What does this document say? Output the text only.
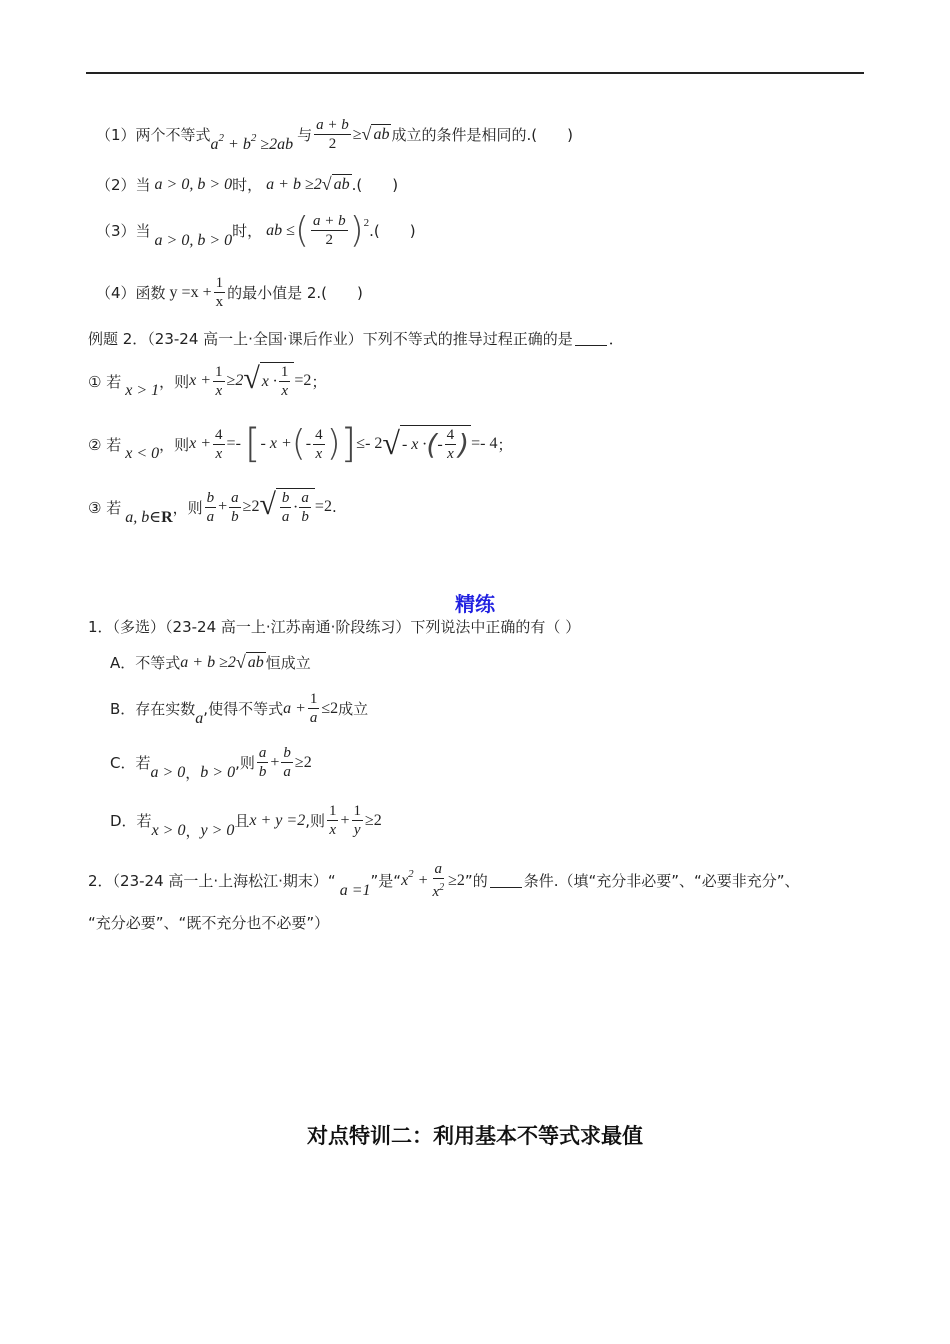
（1）两个不等式 $a^2 + b^2 \ge 2ab$ 与 $\frac{a + b}{2}$ ≥ √ ab 成立的条件是相同的.( )
（2）当 a > 0, b > 0 时， a + b ≥2 √ ab .( )
（3）当 a > 0, b > 0 时， ab ≤ ( $\frac{a + b}{2}$ ) 2 .( )
（4）函数 $y =x + \frac{1}{x}$ 的最小值是 2.( )
例题 2．（23-24 高一上·全国·课后作业）下列不等式的推导过程正确的是 ．
① 若 x > 1 ，则 $x + \frac{1}{x} \ge 2$ √ $x \cdot \frac{1}{x} =2$ ；
② 若 x < 0 ，则 $x + \frac{4}{x}$ =- [ - x + ( - $\frac{4}{x}$ ) ] ≤- 2 √ - x · ( - $\frac{4}{x}$ ) =- 4 ；
③ 若
a, b∈R
，则 $\frac{b}{a} + \frac{a}{b} \ge 2$ √ $\frac{b}{a} \cdot \frac{a}{b} =2$ .
精练
1．（多选）（23-24 高一上·江苏南通·阶段练习）下列说法中正确的有（ ）
A．不等式 a + b ≥2 √ ab 恒成立
B．存在实数 a ,使得不等式 $a + \frac{1}{a} \le 2$ 成立
C．若 a > 0 ， b > 0 ,则 $\frac{a}{b} + \frac{b}{a} \ge 2$
D．若 x > 0 ， y > 0 且 x + y =2 ,则 $\frac{1}{x} + \frac{1}{y} \ge 2$
2．（23-24 高一上·上海松江·期末）“ a =1 ”是“ $x^2 + \frac{a}{x^2} \ge 2$ ”的 条件.（填“充分非必要”、“必要非充分”、
“充分必要”、“既不充分也不必要”）
对点特训二：利用基本不等式求最值
